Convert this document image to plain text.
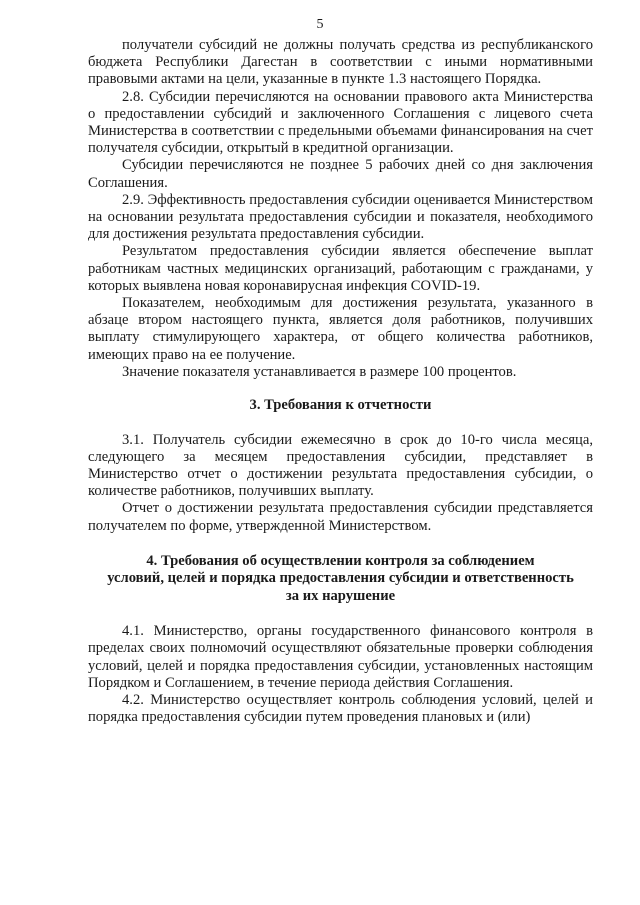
5

получатели субсидий не должны получать средства из республиканского бюджета Республики Дагестан в соответствии с иными нормативными правовыми актами на цели, указанные в пункте 1.3 настоящего Порядка.

2.8. Субсидии перечисляются на основании правового акта Министерства о предоставлении субсидий и заключенного Соглашения с лицевого счета Министерства в соответствии с предельными объемами финансирования на счет получателя субсидии, открытый в кредитной организации.

Субсидии перечисляются не позднее 5 рабочих дней со дня заключения Соглашения.

2.9. Эффективность предоставления субсидии оценивается Министерством на основании результата предоставления субсидии и показателя, необходимого для достижения результата предоставления субсидии.

Результатом предоставления субсидии является обеспечение выплат работникам частных медицинских организаций, работающим с гражданами, у которых выявлена новая коронавирусная инфекция COVID-19.

Показателем, необходимым для достижения результата, указанного в абзаце втором настоящего пункта, является доля работников, получивших выплату стимулирующего характера, от общего количества работников, имеющих право на ее получение.

Значение показателя устанавливается в размере 100 процентов.

3. Требования к отчетности

3.1. Получатель субсидии ежемесячно в срок до 10-го числа месяца, следующего за месяцем предоставления субсидии, представляет в Министерство отчет о достижении результата предоставления субсидии, о количестве работников, получивших выплату.

Отчет о достижении результата предоставления субсидии представляется получателем по форме, утвержденной Министерством.

4. Требования об осуществлении контроля за соблюдением
условий, целей и порядка предоставления субсидии и ответственность
за их нарушение

4.1. Министерство, органы государственного финансового контроля в пределах своих полномочий осуществляют обязательные проверки соблюдения условий, целей и порядка предоставления субсидии, установленных настоящим Порядком и Соглашением, в течение периода действия Соглашения.

4.2. Министерство осуществляет контроль соблюдения условий, целей и порядка предоставления субсидии путем проведения плановых и (или)
